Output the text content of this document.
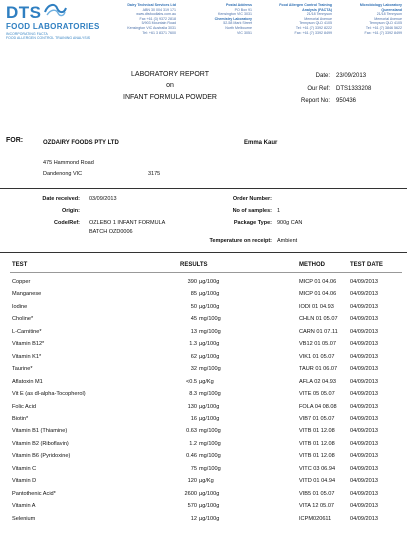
DTS
FOOD LABORATORIES
INCORPORATING FACTA
FOOD ALLERGEN CONTROL TRAINING ANALYSIS
Dairy Technical Services Ltd
ABN 30 004 319 171
www.dtsfoodlabs.com.au
Fax +61 (3) 9372 2818
5/903 Mountain Road
Kensington VIC Australia 3031
Tel: +61 3 8371 7600
Postal Address
PO Box 91
Kensington VIC 3031
Chemistry Laboratory
52-58 Mark Street
North Melbourne
VIC 3051
Food Allergen Control Training Analysis (FACTA)
21/18 Tennyson
Memorial Avenue
Tennyson QLD 4105
Tel: +61 (7) 3392 8222
Fax: +61 (7) 3392 8499
Microbiology Laboratory Queensland
21/18 Tennyson
Memorial Avenue
Tennyson QLD 4105
Tel: +61 (7) 3846 5622
Fax: +61 (7) 3392 8499
LABORATORY REPORT
on
INFANT FORMULA POWDER
Date: 23/09/2013
Our Ref: DTS1333208
Report No: 950436
FOR:	OZDAIRY FOODS PTY LTD	Emma Kaur
475 Hammond Road
Dandenong VIC	3175
Date received: 03/09/2013
Origin:
Code/Ref: OZLEBO 1 INFANT FORMULA
BATCH OZD0006
Order Number:
No of samples: 1
Package Type: 900g CAN
Temperature on receipt: Ambient
TEST	RESULTS	METHOD	TEST DATE
Copper	390 µg/100g	MICP 01 04.06 04/09/2013
Manganese	85 µg/100g	MICP 01 04.06 04/09/2013
Iodine	50 µg/100g	IODI 01 04.93	04/09/2013
Choline*	45 mg/100g	CHLN 01 05.07 04/09/2013
L-Carnitine*	13 mg/100g	CARN 01 07.11 04/09/2013
Vitamin B12*	1.3 µg/100g	VB12 01 05.07 04/09/2013
Vitamin K1*	62 µg/100g	VIK1 01 05.07	04/09/2013
Taurine*	32 mg/100g	TAUR 01 06.07 04/09/2013
Aflatoxin M1	<0.5 µg/Kg	AFLA 02 04.93 04/09/2013
Vit E (as dl-alpha-Tocopherol)	8.3 mg/100g	VITE 05 05.07	04/09/2013
Folic Acid	130 µg/100g	FOLA 04 08.08 04/09/2013
Biotin*	16 µg/100g	VIB7 01 05.07	04/09/2013
Vitamin B1 (Thiamine)	0.63 mg/100g	VITB 01 12.08	04/09/2013
Vitamin B2 (Riboflavin)	1.2 mg/100g	VITB 01 12.08	04/09/2013
Vitamin B6 (Pyridoxine)	0.46 mg/100g	VITB 01 12.08	04/09/2013
Vitamin C	75 mg/100g	VITC 03 06.94	04/09/2013
Vitamin D	120 µg/Kg	VITD 01 04.94	04/09/2013
Pantothenic Acid*	2600 µg/100g	VIB5 01 05.07	04/09/2013
Vitamin A	570 µg/100g	VITA 12 05.07	04/09/2013
Selenium	12 µg/100g	ICPM020611	04/09/2013
